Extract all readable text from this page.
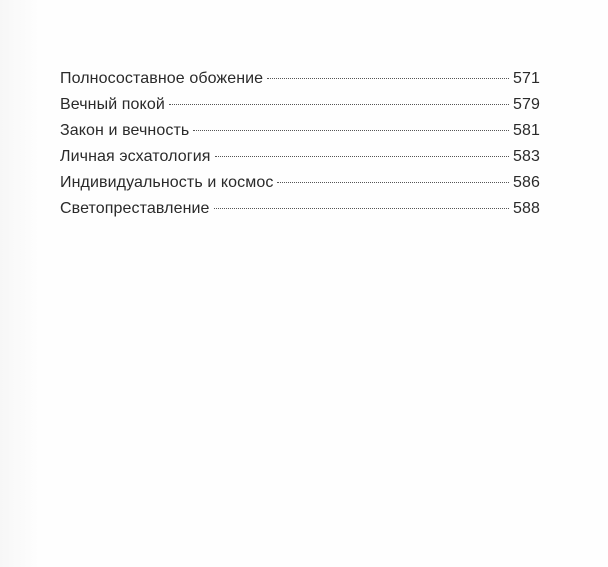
Полносоставное обожение	571
Вечный покой	579
Закон и вечность	581
Личная эсхатология	583
Индивидуальность и космос	586
Светопреставление	588
